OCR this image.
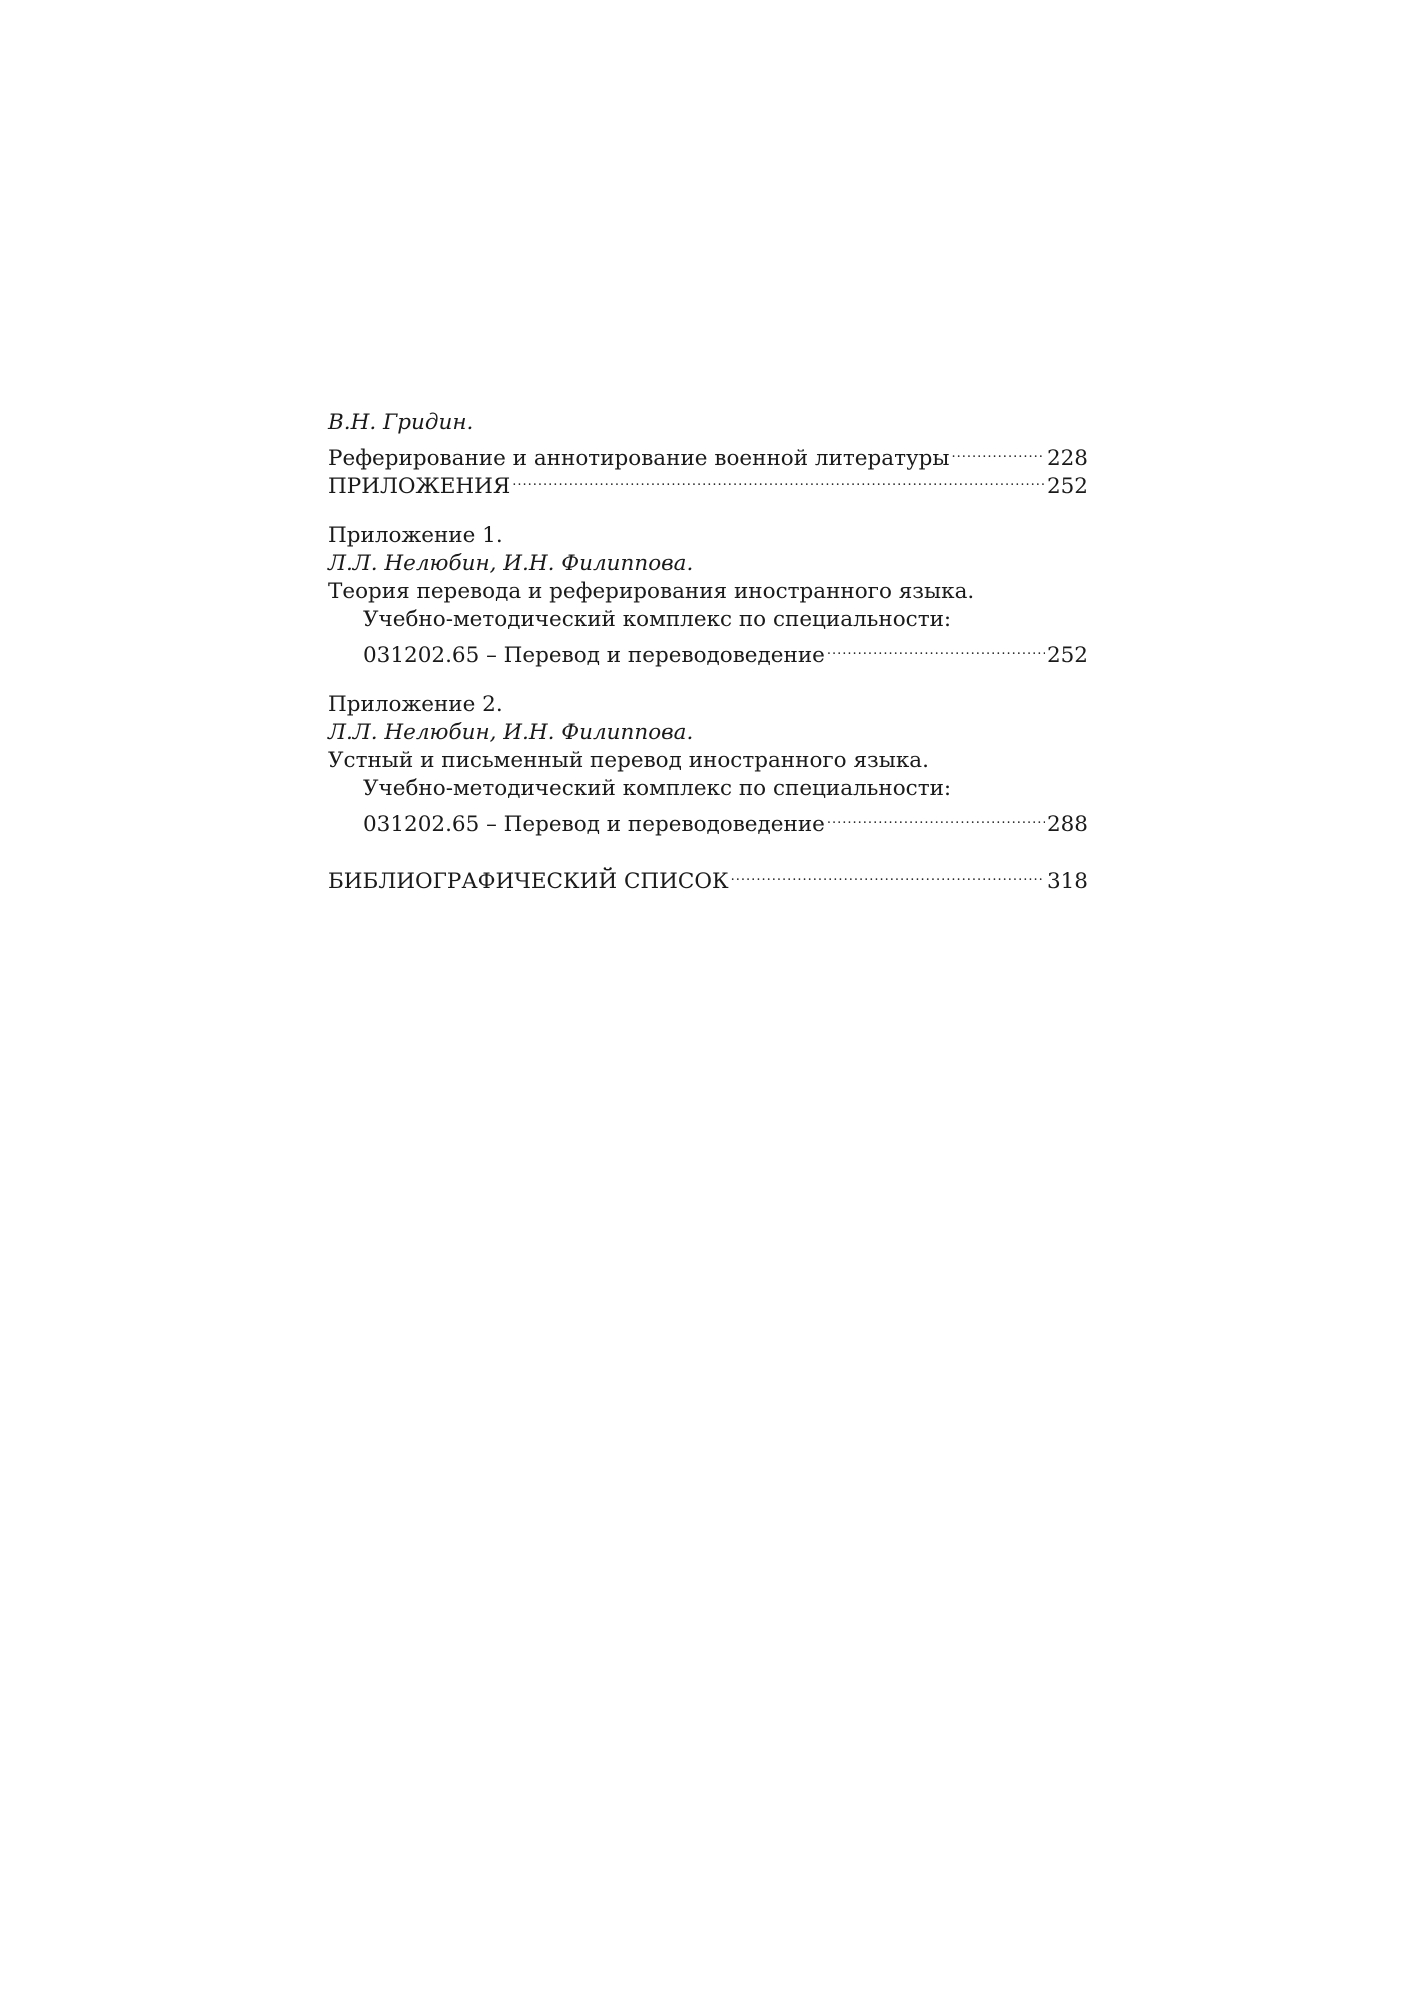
В.Н. Гридин.
Реферирование и аннотирование военной литературы .....	228
ПРИЛОЖЕНИЯ .....	252
Приложение 1.
Л.Л. Нелюбин, И.Н. Филиппова.
Теория перевода и реферирования иностранного языка.
Учебно-методический комплекс по специальности:
031202.65 – Перевод и переводоведение .....	252
Приложение 2.
Л.Л. Нелюбин, И.Н. Филиппова.
Устный и письменный перевод иностранного языка.
Учебно-методический комплекс по специальности:
031202.65 – Перевод и переводоведение .....	288
БИБЛИОГРАФИЧЕСКИЙ СПИСОК .....	318
